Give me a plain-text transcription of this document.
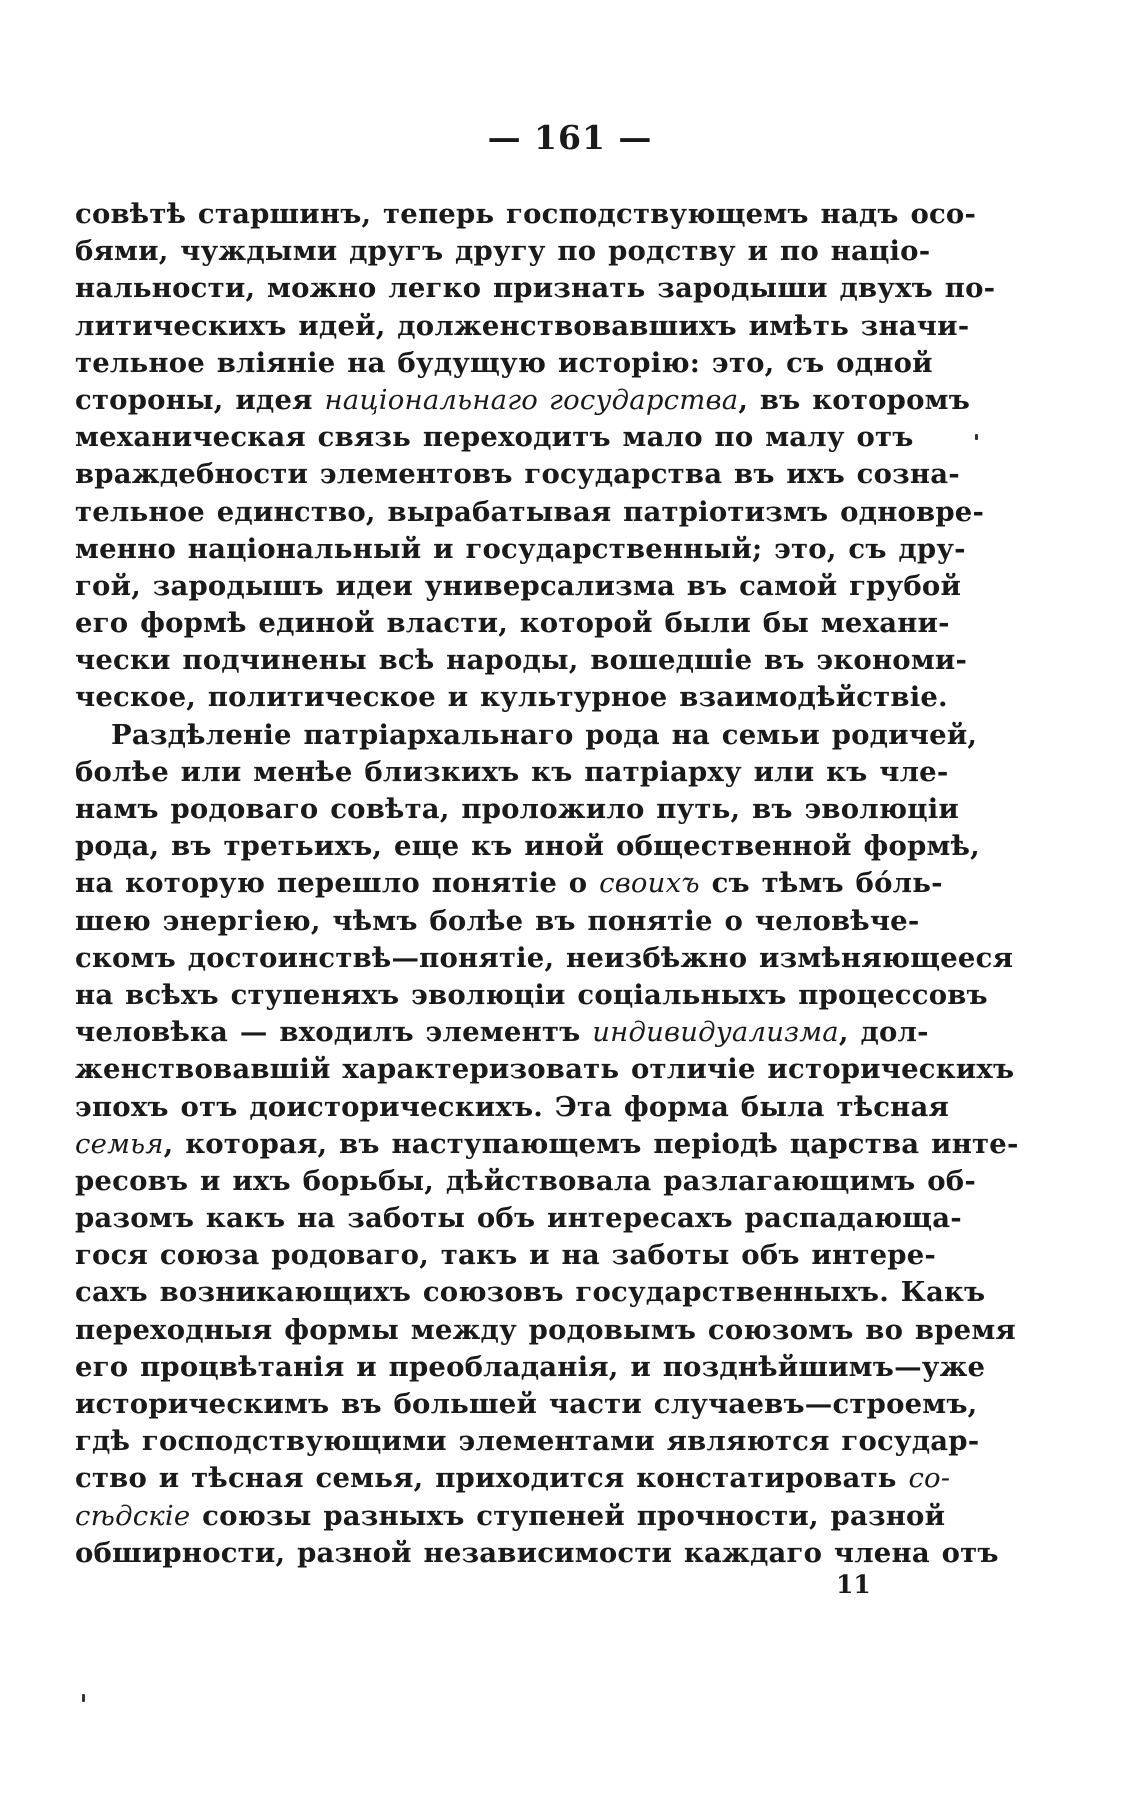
— 161 —
совѣтѣ старшинъ, теперь господствующемъ надъ осо-
бями, чуждыми другъ другу по родству и по націо-
нальности, можно легко признать зародыши двухъ по-
литическихъ идей, долженствовавшихъ имѣть значи-
тельное вліяніе на будущую исторію: это, съ одной
стороны, идея національнаго государства, въ которомъ
механическая связь переходитъ мало по малу отъ
враждебности элементовъ государства въ ихъ созна-
тельное единство, вырабатывая патріотизмъ одновре-
менно національный и государственный; это, съ дру-
гой, зародышъ идеи универсализма въ самой грубой
его формѣ единой власти, которой были бы механи-
чески подчинены всѣ народы, вошедшіе въ экономи-
ческое, политическое и культурное взаимодѣйствіе.
Раздѣленіе патріархальнаго рода на семьи родичей,
болѣе или менѣе близкихъ къ патріарху или къ чле-
намъ родоваго совѣта, проложило путь, въ эволюціи
рода, въ третьихъ, еще къ иной общественной формѣ,
на которую перешло понятіе о своихъ съ тѣмъ бóль-
шею энергіею, чѣмъ болѣе въ понятіе о человѣче-
скомъ достоинствѣ—понятіе, неизбѣжно измѣняющееся
на всѣхъ ступеняхъ эволюціи соціальныхъ процессовъ
человѣка — входилъ элементъ индивидуализма, дол-
женствовавшій характеризовать отличіе историческихъ
эпохъ отъ доисторическихъ. Эта форма была тѣсная
семья, которая, въ наступающемъ періодѣ царства инте-
ресовъ и ихъ борьбы, дѣйствовала разлагающимъ об-
разомъ какъ на заботы объ интересахъ распадающа-
гося союза родоваго, такъ и на заботы объ интере-
сахъ возникающихъ союзовъ государственныхъ. Какъ
переходныя формы между родовымъ союзомъ во время
его процвѣтанія и преобладанія, и позднѣйшимъ—уже
историческимъ въ большей части случаевъ—строемъ,
гдѣ господствующими элементами являются государ-
ство и тѣсная семья, приходится констатировать со-
сѣдскіе союзы разныхъ ступеней прочности, разной
обширности, разной независимости каждаго члена отъ
11
